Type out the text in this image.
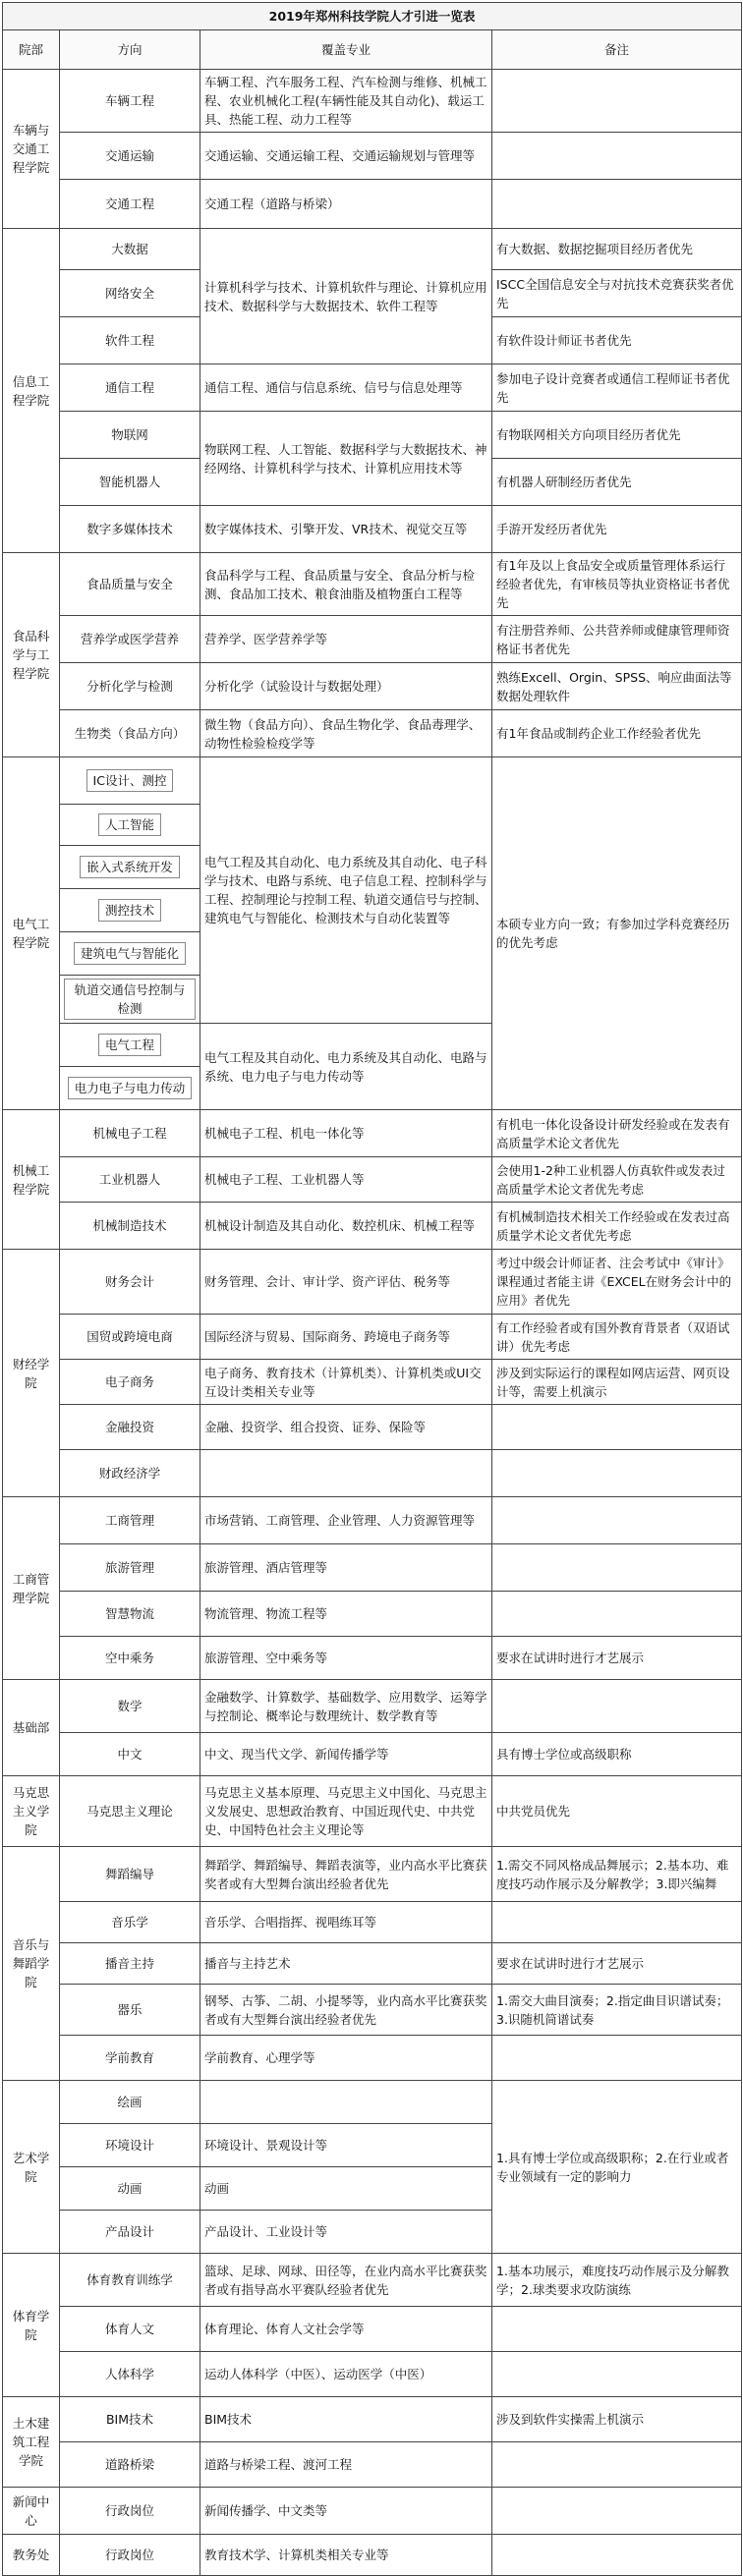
2019年郑州科技学院人才引进一览表			
院部	方向	覆盖专业	备注
车辆与交通工程学院	车辆工程	车辆工程、汽车服务工程、汽车检测与维修、机械工程、农业机械化工程(车辆性能及其自动化)、载运工具、热能工程、动力工程等	
	交通运输	交通运输、交通运输工程、交通运输规划与管理等	
	交通工程	交通工程（道路与桥梁）	
信息工程学院	大数据	计算机科学与技术、计算机软件与理论、计算机应用技术、数据科学与大数据技术、软件工程等	有大数据、数据挖掘项目经历者优先
	网络安全		ISCC全国信息安全与对抗技术竞赛获奖者优先
	软件工程		有软件设计师证书者优先
	通信工程	通信工程、通信与信息系统、信号与信息处理等	参加电子设计竞赛者或通信工程师证书者优先
	物联网	物联网工程、人工智能、数据科学与大数据技术、神经网络、计算机科学与技术、计算机应用技术等	有物联网相关方向项目经历者优先
	智能机器人		有机器人研制经历者优先
	数字多媒体技术	数字媒体技术、引擎开发、VR技术、视觉交互等	手游开发经历者优先
食品科学与工程学院	食品质量与安全	食品科学与工程、食品质量与安全、食品分析与检测、食品加工技术、粮食油脂及植物蛋白工程等	有1年及以上食品安全或质量管理体系运行经验者优先，有审核员等执业资格证书者优先
	营养学或医学营养	营养学、医学营养学等	有注册营养师、公共营养师或健康管理师资格证书者优先
	分析化学与检测	分析化学（试验设计与数据处理）	熟练Excell、Orgin、SPSS、响应曲面法等数据处理软件
	生物类（食品方向）	微生物（食品方向）、食品生物化学、食品毒理学、动物性检验检疫学等	有1年食品或制药企业工作经验者优先
电气工程学院	IC设计、测控	电气工程及其自动化、电力系统及其自动化、电子科学与技术、电路与系统、电子信息工程、控制科学与工程、控制理论与控制工程、轨道交通信号与控制、建筑电气与智能化、检测技术与自动化装置等	本硕专业方向一致；有参加过学科竞赛经历的优先考虑
	人工智能		
	嵌入式系统开发		
	测控技术		
	建筑电气与智能化		
	轨道交通信号控制与检测		
	电气工程	电气工程及其自动化、电力系统及其自动化、电路与系统、电力电子与电力传动等	
	电力电子与电力传动		
机械工程学院	机械电子工程	机械电子工程、机电一体化等	有机电一体化设备设计研发经验或在发表有高质量学术论文者优先
	工业机器人	机械电子工程、工业机器人等	会使用1-2种工业机器人仿真软件或发表过高质量学术论文者优先考虑
	机械制造技术	机械设计制造及其自动化、数控机床、机械工程等	有机械制造技术相关工作经验或在发表过高质量学术论文者优先考虑
财经学院	财务会计	财务管理、会计、审计学、资产评估、税务等	考过中级会计师证者、注会考试中《审计》课程通过者能主讲《EXCEL在财务会计中的应用》者优先
	国贸或跨境电商	国际经济与贸易、国际商务、跨境电子商务等	有工作经验者或有国外教育背景者（双语试讲）优先考虑
	电子商务	电子商务、教育技术（计算机类）、计算机类或UI交互设计类相关专业等	涉及到实际运行的课程如网店运营、网页设计等，需要上机演示
	金融投资	金融、投资学、组合投资、证券、保险等	
	财政经济学		
工商管理学院	工商管理	市场营销、工商管理、企业管理、人力资源管理等	
	旅游管理	旅游管理、酒店管理等	
	智慧物流	物流管理、物流工程等	
	空中乘务	旅游管理、空中乘务等	要求在试讲时进行才艺展示
基础部	数学	金融数学、计算数学、基础数学、应用数学、运筹学与控制论、概率论与数理统计、数学教育等	
	中文	中文、现当代文学、新闻传播学等	具有博士学位或高级职称
马克思主义学院	马克思主义理论	马克思主义基本原理、马克思主义中国化、马克思主义发展史、思想政治教育、中国近现代史、中共党史、中国特色社会主义理论等	中共党员优先
音乐与舞蹈学院	舞蹈编导	舞蹈学、舞蹈编导、舞蹈表演等，业内高水平比赛获奖者或有大型舞台演出经验者优先	1.需交不同风格成品舞展示；2.基本功、难度技巧动作展示及分解教学；3.即兴编舞
	音乐学	音乐学、合唱指挥、视唱练耳等	
	播音主持	播音与主持艺术	要求在试讲时进行才艺展示
	器乐	钢琴、古筝、二胡、小提琴等，业内高水平比赛获奖者或有大型舞台演出经验者优先	1.需交大曲目演奏；2.指定曲目识谱试奏；3.识随机简谱试奏
	学前教育	学前教育、心理学等	
艺术学院	绘画		1.具有博士学位或高级职称；2.在行业或者专业领域有一定的影响力
	环境设计	环境设计、景观设计等	
	动画	动画	
	产品设计	产品设计、工业设计等	
体育学院	体育教育训练学	篮球、足球、网球、田径等，在业内高水平比赛获奖者或有指导高水平赛队经验者优先	1.基本功展示，难度技巧动作展示及分解教学；2.球类要求攻防演练
	体育人文	体育理论、体育人文社会学等	
	人体科学	运动人体科学（中医）、运动医学（中医）	
土木建筑工程学院	BIM技术	BIM技术	涉及到软件实操需上机演示
	道路桥梁	道路与桥梁工程、渡河工程	
新闻中心	行政岗位	新闻传播学、中文类等	
教务处	行政岗位	教育技术学、计算机类相关专业等	
